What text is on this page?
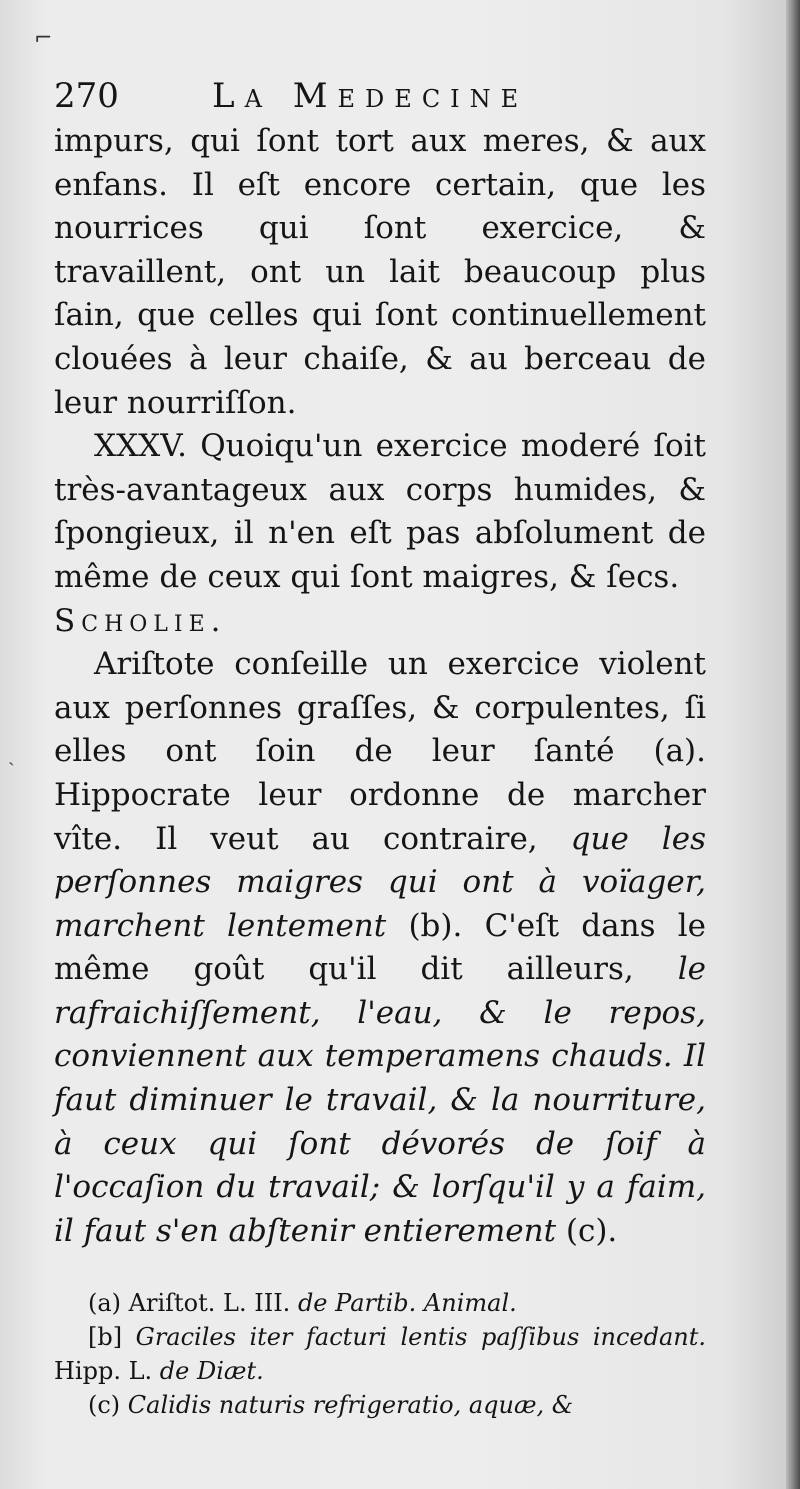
⌐
ˏ
270	La Medecine

impurs, qui ſont tort aux meres, & aux enfans. Il eſt encore certain, que les nourrices qui ſont exercice, & travaillent, ont un lait beaucoup plus ſain, que celles qui ſont continuellement clouées à leur chaiſe, & au berceau de leur nourriſſon.

XXXV. Quoiqu'un exercice moderé ſoit très-avantageux aux corps humides, & ſpongieux, il n'en eſt pas abſolument de même de ceux qui ſont maigres, & ſecs.

Scholie.

Ariſtote conſeille un exercice violent aux perſonnes graſſes, & corpulentes, ſi elles ont ſoin de leur ſanté (a). Hippocrate leur ordonne de marcher vîte. Il veut au contraire, que les perſonnes maigres qui ont à voïager, marchent lentement (b). C'eſt dans le même goût qu'il dit ailleurs, le rafraichiſſement, l'eau, & le repos, conviennent aux temperamens chauds. Il faut diminuer le travail, & la nourriture, à ceux qui ſont dévorés de ſoif à l'occaſion du travail; & lorſqu'il y a faim, il faut s'en abſtenir entierement (c).

(a) Ariſtot. L. III. de Partib. Animal.

[b] Graciles iter facturi lentis paſſibus incedant. Hipp. L. de Diæt.

(c) Calidis naturis refrigeratio, aquæ, &
